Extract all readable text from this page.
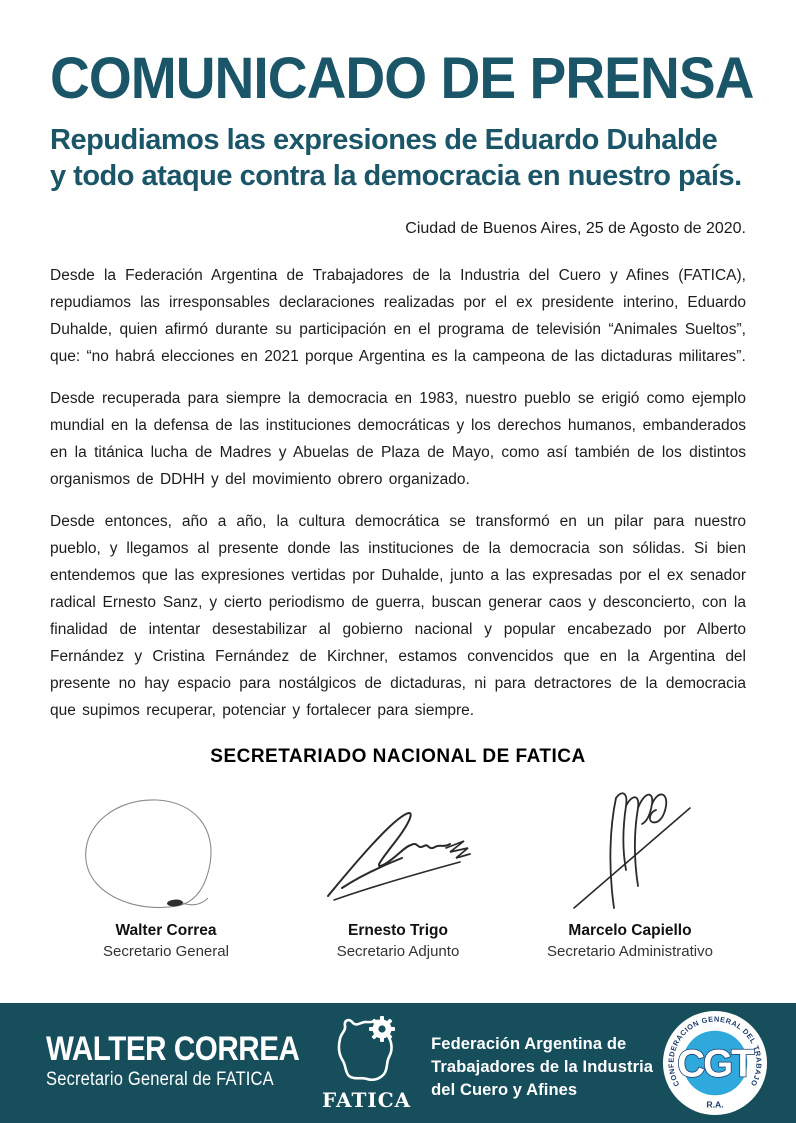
COMUNICADO DE PRENSA
Repudiamos las expresiones de Eduardo Duhalde
y todo ataque contra la democracia en nuestro país.
Ciudad de Buenos Aires, 25 de Agosto de 2020.

Desde la Federación Argentina de Trabajadores de la Industria del Cuero y Afines (FATICA), repudiamos las irresponsables declaraciones realizadas por el ex presidente interino, Eduardo Duhalde, quien afirmó durante su participación en el programa de televisión “Animales Sueltos”, que: “no habrá elecciones en 2021 porque Argentina es la campeona de las dictaduras militares”.

Desde recuperada para siempre la democracia en 1983, nuestro pueblo se erigió como ejemplo mundial en la defensa de las instituciones democráticas y los derechos humanos, embanderados en la titánica lucha de Madres y Abuelas de Plaza de Mayo, como así también de los distintos organismos de DDHH y del movimiento obrero organizado.

Desde entonces, año a año, la cultura democrática se transformó en un pilar para nuestro pueblo, y llegamos al presente donde las instituciones de la democracia son sólidas. Si bien entendemos que las expresiones vertidas por Duhalde, junto a las expresadas por el ex senador radical Ernesto Sanz, y cierto periodismo de guerra, buscan generar caos y desconcierto, con la finalidad de intentar desestabilizar al gobierno nacional y popular encabezado por Alberto Fernández y Cristina Fernández de Kirchner, estamos convencidos que en la Argentina del presente no hay espacio para nostálgicos de dictaduras, ni para detractores de la democracia que supimos recuperar, potenciar y fortalecer para siempre.

SECRETARIADO NACIONAL DE FATICA
Walter Correa
Secretario General
Ernesto Trigo
Secretario Adjunto
Marcelo Capiello
Secretario Administrativo
WALTER CORREA
Secretario General de FATICA
FATICA
Federación Argentina de
Trabajadores de la Industria
del Cuero y Afines	CONFEDERACION GENERAL DEL TRABAJO
R.A.
CGT
